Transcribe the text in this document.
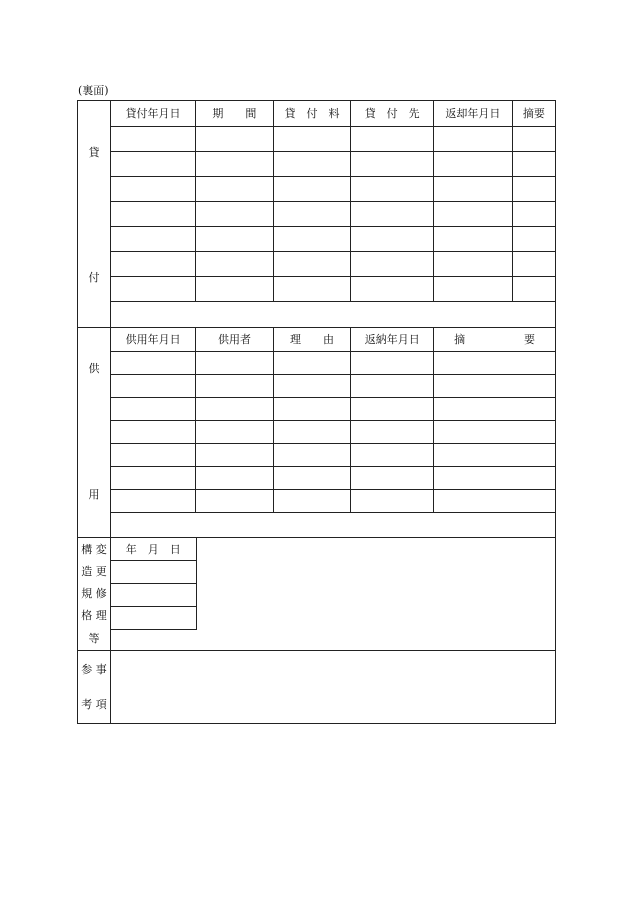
(裏面)
貸
付
貸付年月日	期　　間	貸　付　料	貸　付　先	返却年月日	摘要

供
用
供用年月日	供用者	理　　由	返納年月日	摘 要

構 変
造 更
規 修
格 理
等
年　月　日	

参 事
考 項
